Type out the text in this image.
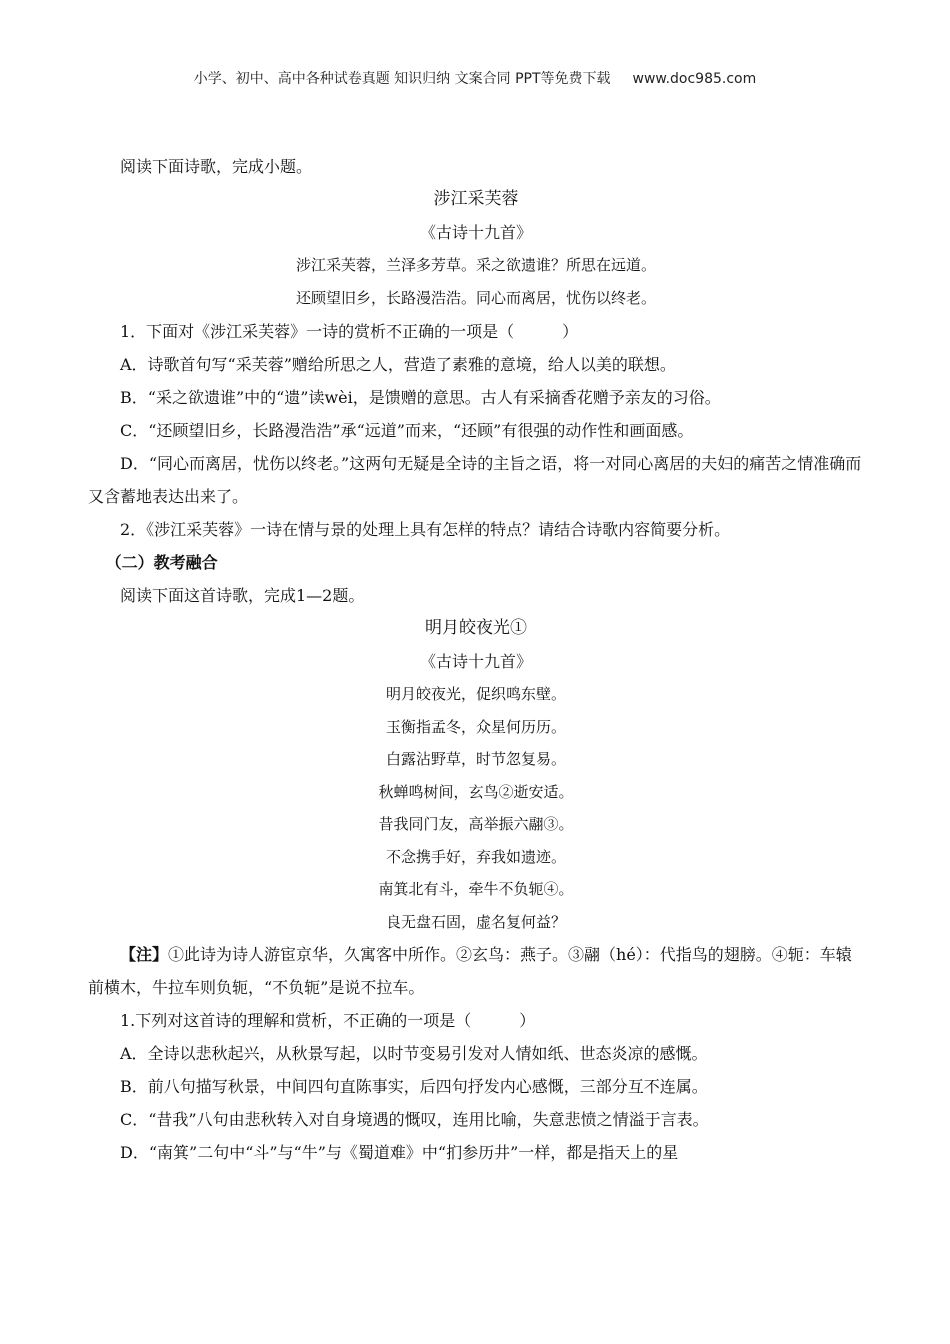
小学、初中、高中各种试卷真题 知识归纳 文案合同 PPT等免费下载 www.doc985.com

阅读下面诗歌，完成小题。

涉江采芙蓉

《古诗十九首》

涉江采芙蓉，兰泽多芳草。采之欲遗谁？所思在远道。

还顾望旧乡，长路漫浩浩。同心而离居，忧伤以终老。

1．下面对《涉江采芙蓉》一诗的赏析不正确的一项是（　　　）

A．诗歌首句写“采芙蓉”赠给所思之人，营造了素雅的意境，给人以美的联想。

B．“采之欲遗谁”中的“遗”读wèi，是馈赠的意思。古人有采摘香花赠予亲友的习俗。

C．“还顾望旧乡，长路漫浩浩”承“远道”而来，“还顾”有很强的动作性和画面感。

D．“同心而离居，忧伤以终老。”这两句无疑是全诗的主旨之语，将一对同心离居的夫妇的痛苦之情准确而又含蓄地表达出来了。

2．《涉江采芙蓉》一诗在情与景的处理上具有怎样的特点？请结合诗歌内容简要分析。

（二）教考融合

阅读下面这首诗歌，完成1—2题。

明月皎夜光①

《古诗十九首》

明月皎夜光，促织鸣东壁。

玉衡指孟冬，众星何历历。

白露沾野草，时节忽复易。

秋蝉鸣树间，玄鸟②逝安适。

昔我同门友，高举振六翮③。

不念携手好，弃我如遗迹。

南箕北有斗，牵牛不负轭④。

良无盘石固，虚名复何益？

【注】①此诗为诗人游宦京华，久寓客中所作。②玄鸟：燕子。③翮（hé）：代指鸟的翅膀。④轭：车辕前横木，牛拉车则负轭，“不负轭”是说不拉车。

1.下列对这首诗的理解和赏析，不正确的一项是（　　　）

A．全诗以悲秋起兴，从秋景写起，以时节变易引发对人情如纸、世态炎凉的感慨。

B．前八句描写秋景，中间四句直陈事实，后四句抒发内心感慨，三部分互不连属。

C．“昔我”八句由悲秋转入对自身境遇的慨叹，连用比喻，失意悲愤之情溢于言表。

D．“南箕”二句中“斗”与“牛”与《蜀道难》中“扪参历井”一样，都是指天上的星
